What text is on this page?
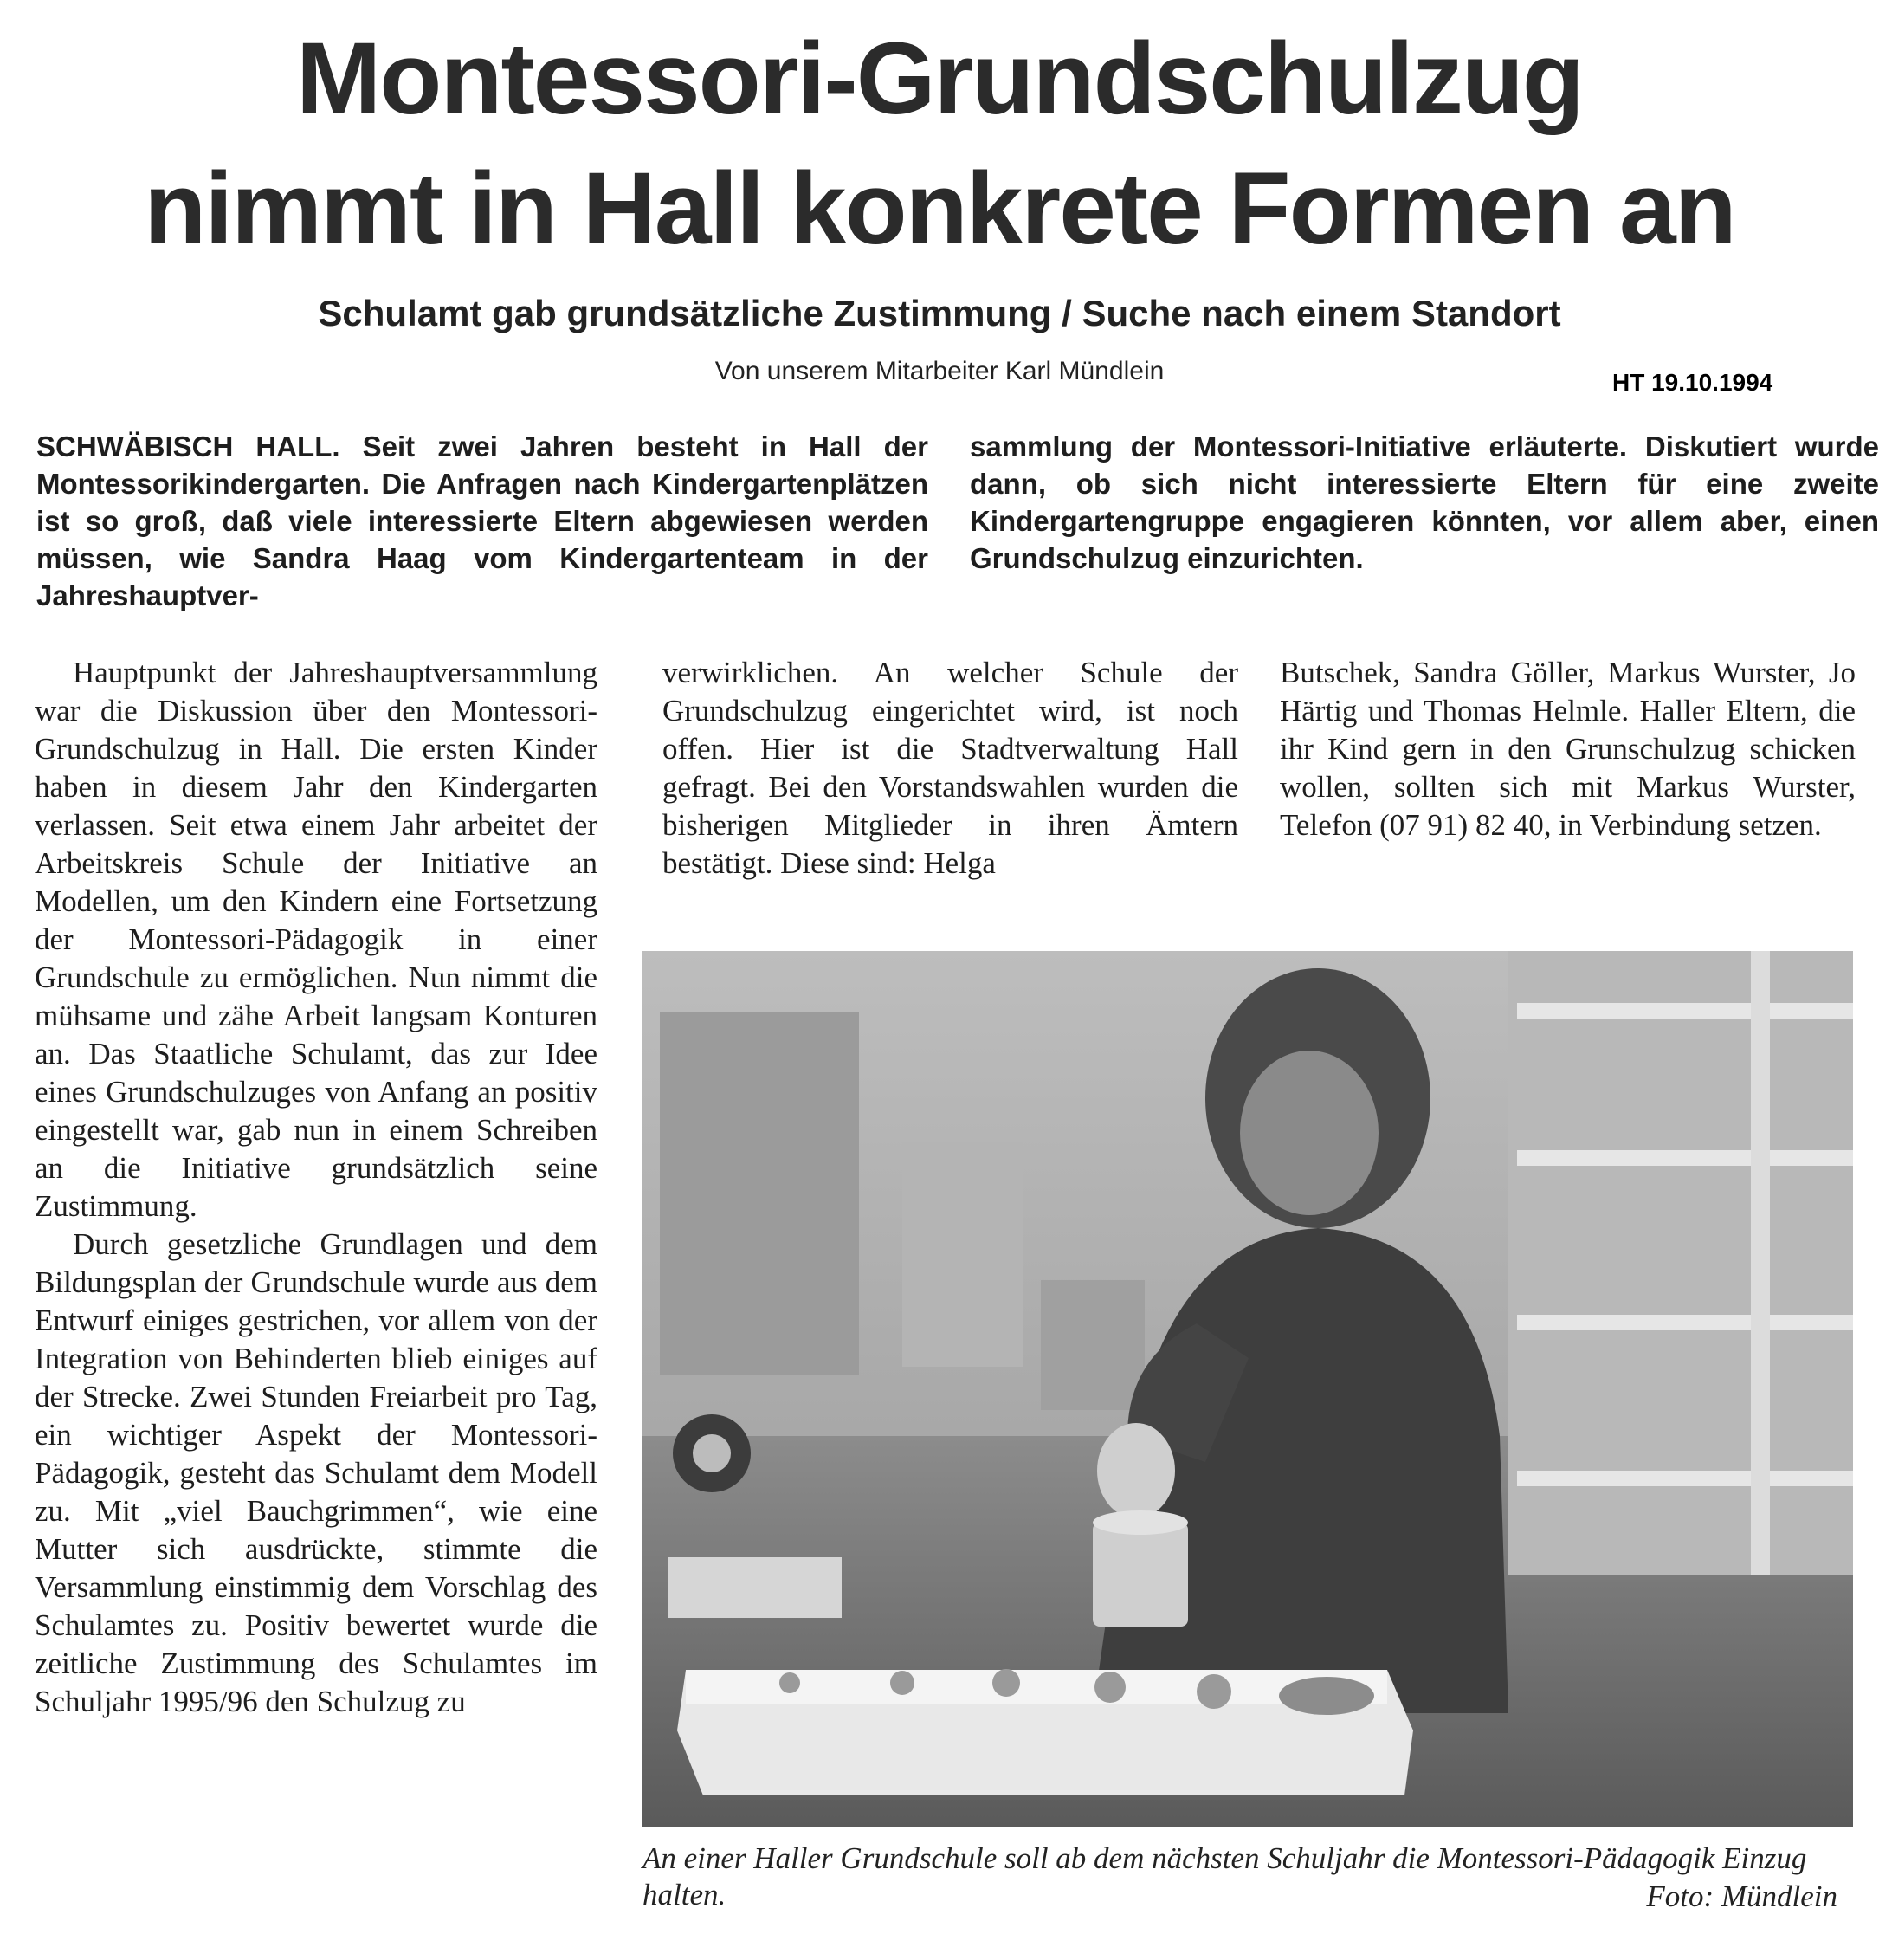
Montessori-Grundschulzug
nimmt in Hall konkrete Formen an
Schulamt gab grundsätzliche Zustimmung / Suche nach einem Standort
Von unserem Mitarbeiter Karl Mündlein	HT 19.10.1994
SCHWÄBISCH HALL. Seit zwei Jahren besteht in Hall der Montessorikindergarten. Die Anfragen nach Kindergartenplätzen ist so groß, daß viele interessierte Eltern abgewiesen werden müssen, wie Sandra Haag vom Kindergartenteam in der Jahreshauptver-
sammlung der Montessori-Initiative erläuterte. Diskutiert wurde dann, ob sich nicht interessierte Eltern für eine zweite Kindergartengruppe engagieren könnten, vor allem aber, einen Grundschulzug einzurichten.

Hauptpunkt der Jahreshauptversammlung war die Diskussion über den Montessori-Grundschulzug in Hall. Die ersten Kinder haben in diesem Jahr den Kindergarten verlassen. Seit etwa einem Jahr arbeitet der Arbeitskreis Schule der Initiative an Modellen, um den Kindern eine Fortsetzung der Montessori-Pädagogik in einer Grundschule zu ermöglichen. Nun nimmt die mühsame und zähe Arbeit langsam Konturen an. Das Staatliche Schulamt, das zur Idee eines Grundschulzuges von Anfang an positiv eingestellt war, gab nun in einem Schreiben an die Initiative grundsätzlich seine Zustimmung.

Durch gesetzliche Grundlagen und dem Bildungsplan der Grundschule wurde aus dem Entwurf einiges gestrichen, vor allem von der Integration von Behinderten blieb einiges auf der Strecke. Zwei Stunden Freiarbeit pro Tag, ein wichtiger Aspekt der Montessori-Pädagogik, gesteht das Schulamt dem Modell zu. Mit „viel Bauchgrimmen“, wie eine Mutter sich ausdrückte, stimmte die Versammlung einstimmig dem Vorschlag des Schulamtes zu. Positiv bewertet wurde die zeitliche Zustimmung des Schulamtes im Schuljahr 1995/96 den Schulzug zu

verwirklichen. An welcher Schule der Grundschulzug eingerichtet wird, ist noch offen. Hier ist die Stadtverwaltung Hall gefragt. Bei den Vorstandswahlen wurden die bisherigen Mitglieder in ihren Ämtern bestätigt. Diese sind: Helga

Butschek, Sandra Göller, Markus Wurster, Jo Härtig und Thomas Helmle. Haller Eltern, die ihr Kind gern in den Grunschulzug schicken wollen, sollten sich mit Markus Wurster, Telefon (07 91) 82 40, in Verbindung setzen.

An einer Haller Grundschule soll ab dem nächsten Schuljahr die Montessori-Pädagogik Einzug halten.	Foto: Mündlein
